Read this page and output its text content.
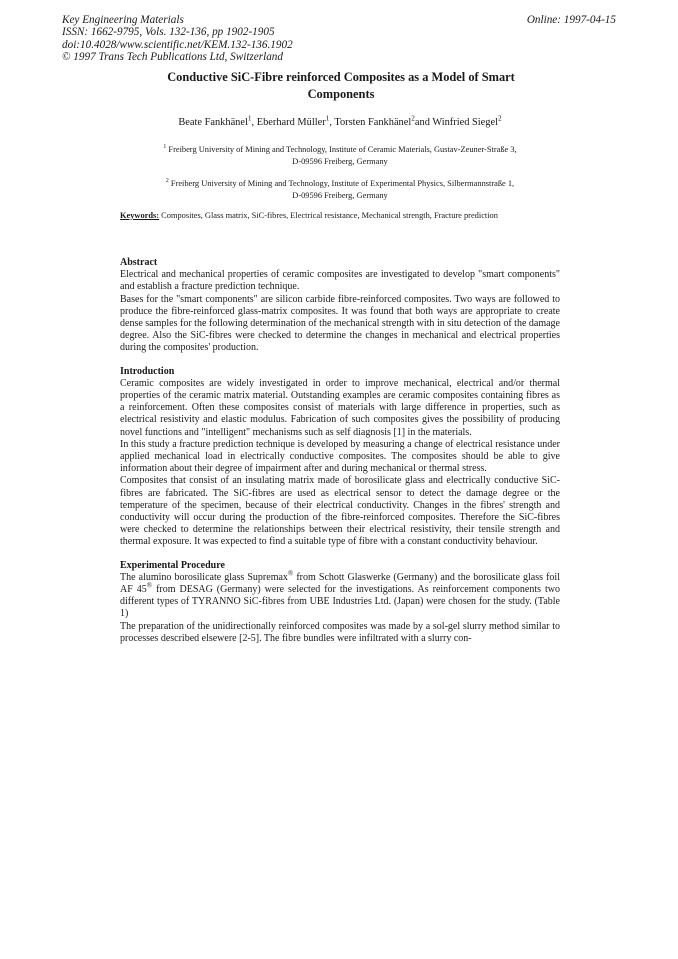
Key Engineering Materials
ISSN: 1662-9795, Vols. 132-136, pp 1902-1905
doi:10.4028/www.scientific.net/KEM.132-136.1902
© 1997 Trans Tech Publications Ltd, Switzerland
Online: 1997-04-15
Conductive SiC-Fibre reinforced Composites as a Model of Smart
Components
Beate Fankhänel$^1$, Eberhard Müller$^1$, Torsten Fankhänel$^2$and Winfried Siegel$^2$
$^1$ Freiberg University of Mining and Technology, Institute of Ceramic Materials, Gustav-Zeuner-Straße 3,
D-09596 Freiberg, Germany
$^2$ Freiberg University of Mining and Technology, Institute of Experimental Physics, Silbermannstraße 1,
D-09596 Freiberg, Germany
Keywords: Composites, Glass matrix, SiC-fibres, Electrical resistance, Mechanical strength, Fracture prediction

Abstract

Electrical and mechanical properties of ceramic composites are investigated to develop "smart components" and establish a fracture prediction technique.

Bases for the "smart components" are silicon carbide fibre-reinforced composites. Two ways are followed to produce the fibre-reinforced glass-matrix composites. It was found that both ways are appropriate to create dense samples for the following determination of the mechanical strength with in situ detection of the damage degree. Also the SiC-fibres were checked to determine the changes in mechanical and electrical properties during the composites' production.

Introduction

Ceramic composites are widely investigated in order to improve mechanical, electrical and/or thermal properties of the ceramic matrix material. Outstanding examples are ceramic composites containing fibres as a reinforcement. Often these composites consist of materials with large difference in properties, such as electrical resistivity and elastic modulus. Fabrication of such composites gives the possibility of producing novel functions and "intelligent" mechanisms such as self diagnosis [1] in the materials.

In this study a fracture prediction technique is developed by measuring a change of electrical resistance under applied mechanical load in electrically conductive composites. The composites should be able to give information about their degree of impairment after and during mechanical or thermal stress.

Composites that consist of an insulating matrix made of borosilicate glass and electrically conductive SiC-fibres are fabricated. The SiC-fibres are used as electrical sensor to detect the damage degree or the temperature of the specimen, because of their electrical conductivity. Changes in the fibres' strength and conductivity will occur during the production of the fibre-reinforced composites. Therefore the SiC-fibres were checked to determine the relationships between their electrical resistivity, their tensile strength and thermal exposure. It was expected to find a suitable type of fibre with a constant conductivity behaviour.

Experimental Procedure

The alumino borosilicate glass Supremax® from Schott Glaswerke (Germany) and the borosilicate glass foil AF 45® from DESAG (Germany) were selected for the investigations. As reinforcement components two different types of TYRANNO SiC-fibres from UBE Industries Ltd. (Japan) were chosen for the study. (Table 1)

The preparation of the unidirectionally reinforced composites was made by a sol-gel slurry method similar to processes described elsewere [2-5]. The fibre bundles were infiltrated with a slurry con-
